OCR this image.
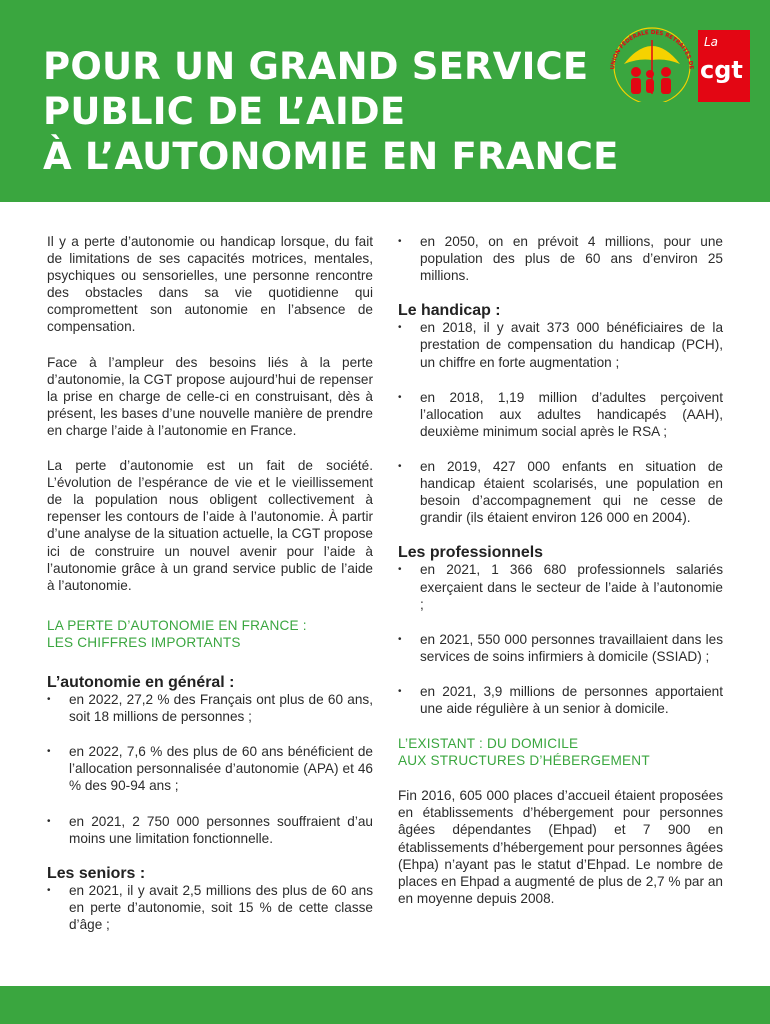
POUR UN GRAND SERVICE
PUBLIC DE L’AIDE
À L’AUTONOMIE EN FRANCE
UNION FÉDÉRALE DES RETRAITÉS DE
La
cgt

Il y a perte d’autonomie ou handicap lorsque, du fait de limitations de ses capacités motrices, mentales, psychiques ou sensorielles, une personne rencontre des obstacles dans sa vie quotidienne qui compromettent son autonomie en l’absence de compensation.

Face à l’ampleur des besoins liés à la perte d’autonomie, la CGT propose aujourd’hui de repenser la prise en charge de celle-ci en construisant, dès à présent, les bases d’une nouvelle manière de prendre en charge l’aide à l’autonomie en France.

La perte d’autonomie est un fait de société. L’évolution de l’espérance de vie et le vieillissement de la population nous obligent collectivement à repenser les contours de l’aide à l’autonomie. À partir d’une analyse de la situation actuelle, la CGT propose ici de construire un nouvel avenir pour l’aide à l’autonomie grâce à un grand service public de l’aide à l’autonomie.

LA PERTE D’AUTONOMIE EN FRANCE :
LES CHIFFRES IMPORTANTS
L’autonomie en général :
• en 2022, 27,2 % des Français ont plus de 60 ans, soit 18 millions de personnes ;
• en 2022, 7,6 % des plus de 60 ans bénéficient de l’allocation personnalisée d’autonomie (APA) et 46 % des 90-94 ans ;
• en 2021, 2 750 000 personnes souffraient d’au moins une limitation fonctionnelle.
Les seniors :
• en 2021, il y avait 2,5 millions des plus de 60 ans en perte d’autonomie, soit 15 % de cette classe d’âge ;
• en 2050, on en prévoit 4 millions, pour une population des plus de 60 ans d’environ 25 millions.
Le handicap :
• en 2018, il y avait 373 000 bénéficiaires de la prestation de compensation du handicap (PCH), un chiffre en forte augmentation ;
• en 2018, 1,19 million d’adultes perçoivent l’allocation aux adultes handicapés (AAH), deuxième minimum social après le RSA ;
• en 2019, 427 000 enfants en situation de handicap étaient scolarisés, une population en besoin d’accompagnement qui ne cesse de grandir (ils étaient environ 126 000 en 2004).
Les professionnels
• en 2021, 1 366 680 professionnels salariés exerçaient dans le secteur de l’aide à l’autonomie ;
• en 2021, 550 000 personnes travaillaient dans les services de soins infirmiers à domicile (SSIAD) ;
• en 2021, 3,9 millions de personnes apportaient une aide régulière à un senior à domicile.
L’EXISTANT : DU DOMICILE
AUX STRUCTURES D’HÉBERGEMENT

Fin 2016, 605 000 places d’accueil étaient proposées en établissements d’hébergement pour personnes âgées dépendantes (Ehpad) et 7 900 en établissements d’hébergement pour personnes âgées (Ehpa) n’ayant pas le statut d’Ehpad. Le nombre de places en Ehpad a augmenté de plus de 2,7 % par an en moyenne depuis 2008.
